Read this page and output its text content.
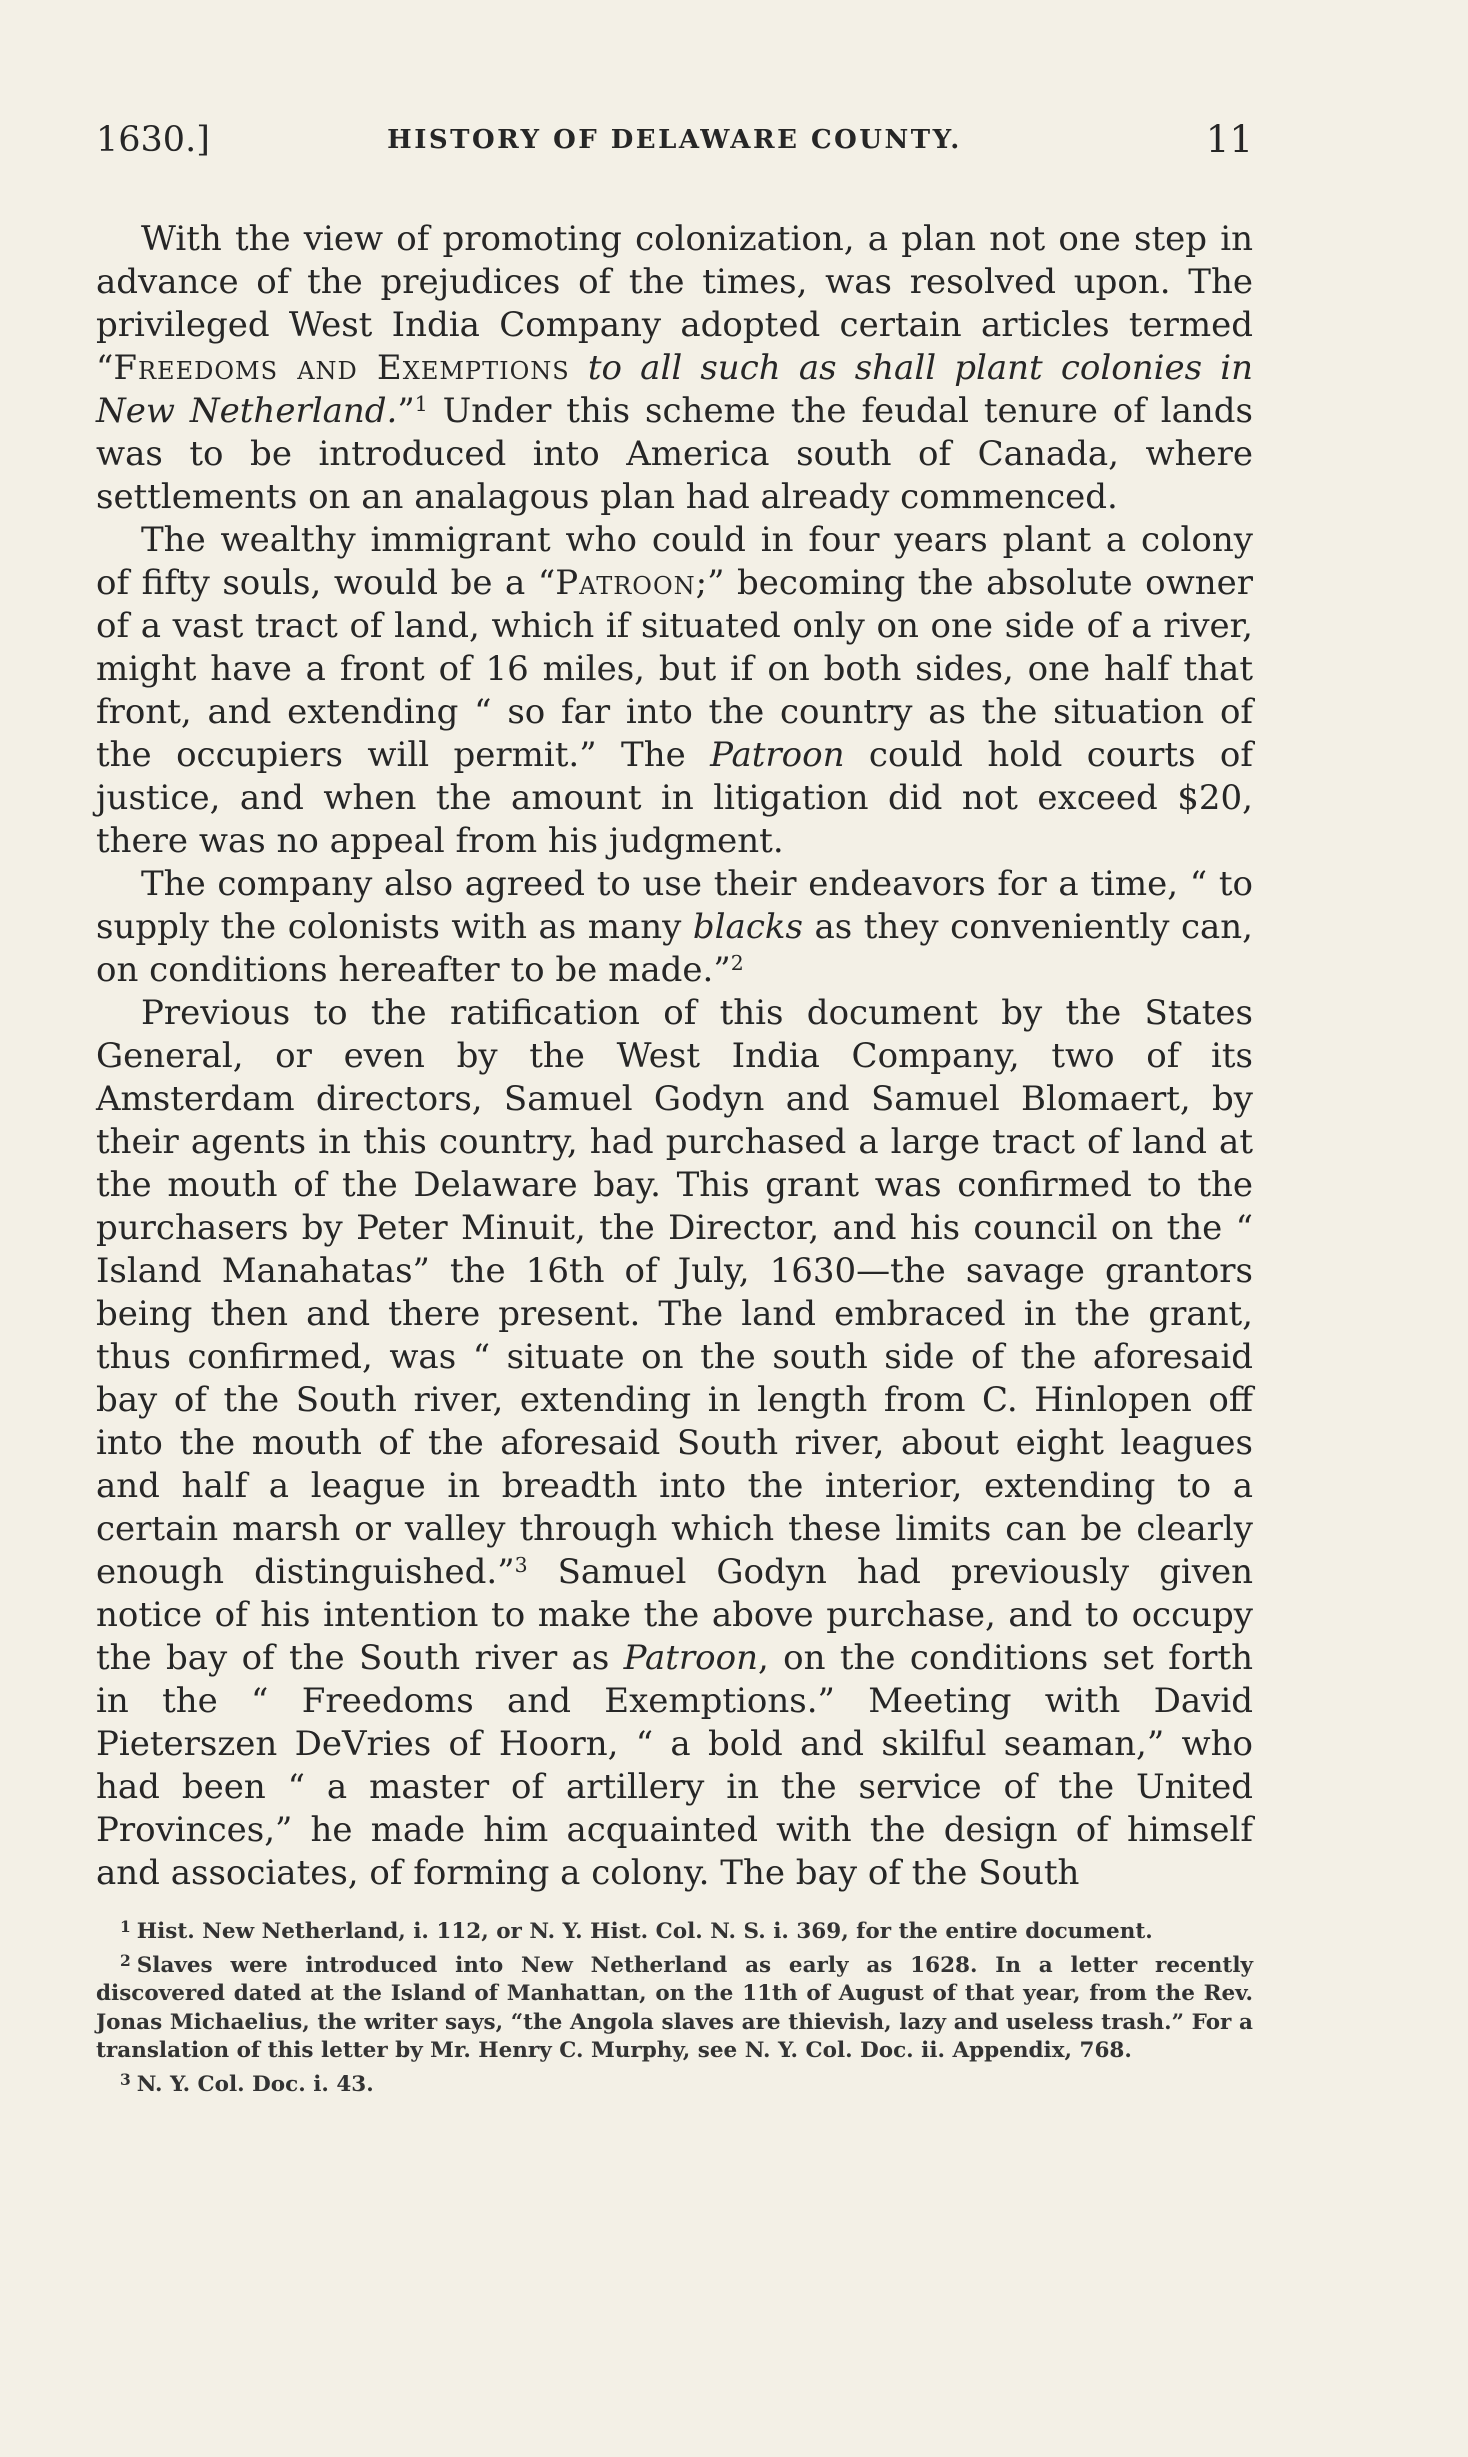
1630.]	HISTORY OF DELAWARE COUNTY.	11

With the view of promoting colonization, a plan not one step in advance of the prejudices of the times, was resolved upon. The privileged West India Company adopted certain articles termed “Freedoms and Exemptions to all such as shall plant colonies in New Netherland.”$^1$ Under this scheme the feudal tenure of lands was to be introduced into America south of Canada, where settlements on an analagous plan had already commenced.

The wealthy immigrant who could in four years plant a colony of fifty souls, would be a “Patroon;” becoming the absolute owner of a vast tract of land, which if situated only on one side of a river, might have a front of 16 miles, but if on both sides, one half that front, and extending “ so far into the country as the situation of the occupiers will permit.” The Patroon could hold courts of justice, and when the amount in litigation did not exceed $20, there was no appeal from his judgment.

The company also agreed to use their endeavors for a time, “ to supply the colonists with as many blacks as they conveniently can, on conditions hereafter to be made.”$^2$

Previous to the ratification of this document by the States General, or even by the West India Company, two of its Amsterdam directors, Samuel Godyn and Samuel Blomaert, by their agents in this country, had purchased a large tract of land at the mouth of the Delaware bay. This grant was confirmed to the purchasers by Peter Minuit, the Director, and his council on the “ Island Manahatas” the 16th of July, 1630—the savage grantors being then and there present. The land embraced in the grant, thus confirmed, was “ situate on the south side of the aforesaid bay of the South river, extending in length from C. Hinlopen off into the mouth of the aforesaid South river, about eight leagues and half a league in breadth into the interior, extending to a certain marsh or valley through which these limits can be clearly enough distinguished.”$^3$ Samuel Godyn had previously given notice of his intention to make the above purchase, and to occupy the bay of the South river as Patroon, on the conditions set forth in the “ Freedoms and Exemptions.” Meeting with David Pieterszen DeVries of Hoorn, “ a bold and skilful seaman,” who had been “ a master of artillery in the service of the United Provinces,” he made him acquainted with the design of himself and associates, of forming a colony. The bay of the South

$^1$ Hist. New Netherland, i. 112, or N. Y. Hist. Col. N. S. i. 369, for the entire document.

$^2$ Slaves were introduced into New Netherland as early as 1628. In a letter recently discovered dated at the Island of Manhattan, on the 11th of August of that year, from the Rev. Jonas Michaelius, the writer says, “the Angola slaves are thievish, lazy and useless trash.” For a translation of this letter by Mr. Henry C. Murphy, see N. Y. Col. Doc. ii. Appendix, 768.

$^3$ N. Y. Col. Doc. i. 43.
